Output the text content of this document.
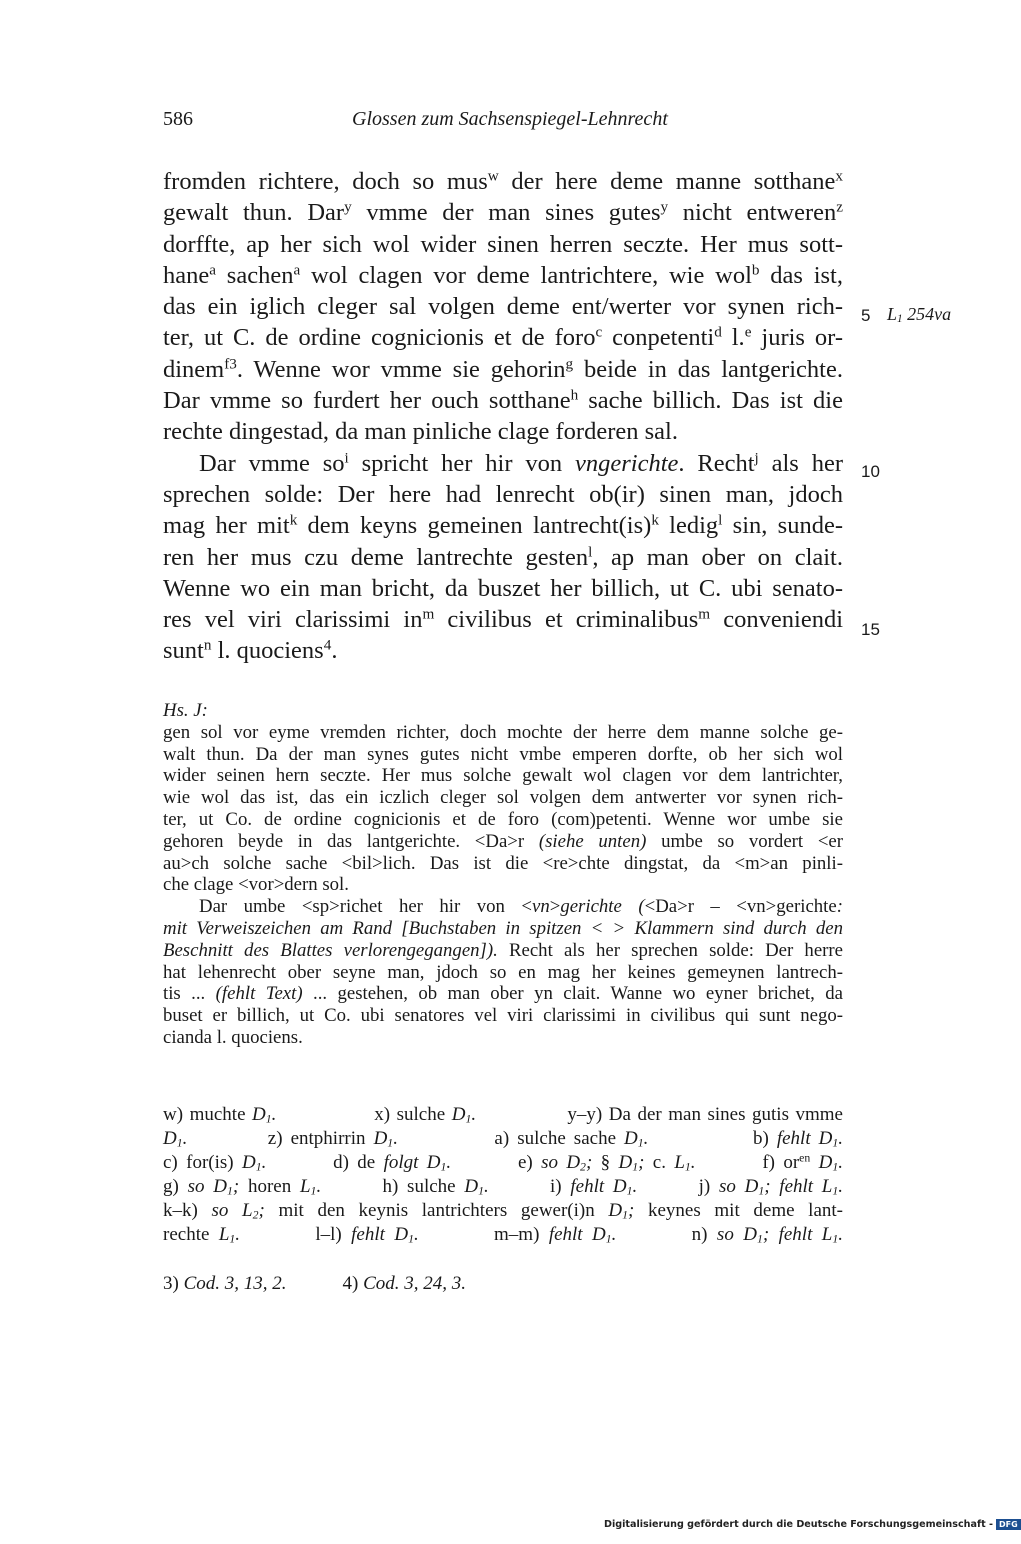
586	Glossen zum Sachsenspiegel-Lehnrecht
fromden richtere, doch so mus$^w$ der here deme manne sotthane$^x$
gewalt thun. Dar$^y$ vmme der man sines gutes$^y$ nicht entweren$^z$
dorffte, ap her sich wol wider sinen herren seczte. Her mus sott-
hane$^a$ sachen$^a$ wol clagen vor deme lantrichtere, wie wol$^b$ das ist,
das ein iglich cleger sal volgen deme ent/werter vor synen rich-
ter, ut C. de ordine cognicionis et de foro$^c$ conpetenti$^d$ l.$^e$ juris or-
dinem$^{f3}$. Wenne wor vmme sie gehorin$^g$ beide in das lantgerichte.
Dar vmme so furdert her ouch sotthane$^h$ sache billich. Das ist die
rechte dingestad, da man pinliche clage forderen sal.
Dar vmme $so^i$ spricht her hir von vngerichte. Recht$^j$ als her
sprechen solde: Der here had lenrecht ob(ir) sinen man, jdoch
mag her mit$^k$ dem keyns gemeinen lantrecht(is)$^k$ ledig$^l$ sin, sunde-
ren her mus czu deme lantrechte gesten$^l$, ap man ober on clait.
Wenne wo ein man bricht, da buszet her billich, ut C. ubi senato-
res vel viri clarissimi $in^m$ civilibus et criminalibus$^m$ conveniendi
sunt$^n$ l. quociens$^4$.
5 $L_1$ 254va
10
15
Hs. J:
gen sol vor eyme vremden richter, doch mochte der herre dem manne solche ge-
walt thun. Da der man synes gutes nicht vmbe emperen dorfte, ob her sich wol
wider seinen hern seczte. Her mus solche gewalt wol clagen vor dem lantrichter,
wie wol das ist, das ein iczlich cleger sol volgen dem antwerter vor synen rich-
ter, ut Co. de ordine cognicionis et de foro (com)petenti. Wenne wor umbe sie
gehoren beyde in das lantgerichte. <Da>r (siehe unten) umbe so vordert <er
au>ch solche sache <bil>lich. Das ist die <re>chte dingstat, da <m>an pinli-
che clage <vor>dern sol.
Dar umbe <sp>richet her hir von <vn>gerichte (<Da>r – <vn>gerichte:
mit Verweiszeichen am Rand [Buchstaben in spitzen < > Klammern sind durch den
Beschnitt des Blattes verlorengegangen]). Recht als her sprechen solde: Der herre
hat lehenrecht ober seyne man, jdoch so en mag her keines gemeynen lantrech-
tis ... (fehlt Text) ... gestehen, ob man ober yn clait. Wanne wo eyner brichet, da
buset er billich, ut Co. ubi senatores vel viri clarissimi in civilibus qui sunt nego-
cianda l. quociens.
w) muchte $D_1$.               x) sulche $D_1$.              y–y) Da der man sines gutis vmme
$D_1$.          z) entphirrin $D_1$.            a) sulche sache $D_1$.             b) fehlt $D_1$.
c) for(is) $D_1$.        d) de folgt $D_1$.        e) so $D_2$; § $D_1$; c. $L_1$.        f) $or^{en}$ $D_1$.
g) so $D_1$; horen $L_1$.       h) sulche $D_1$.       i) fehlt $D_1$.       j) so $D_1$; fehlt $L_1$.
k–k) so $L_2$; mit den keynis lantrichters gewer(i)n $D_1$; keynes mit deme lant-
rechte $L_1$.        l–l) fehlt $D_1$.        m–m) fehlt $D_1$.        n) so $D_1$; fehlt $L_1$.
3) Cod. 3, 13, 2.	4) Cod. 3, 24, 3.
Digitalisierung gefördert durch die Deutsche Forschungsgemeinschaft - DFG
